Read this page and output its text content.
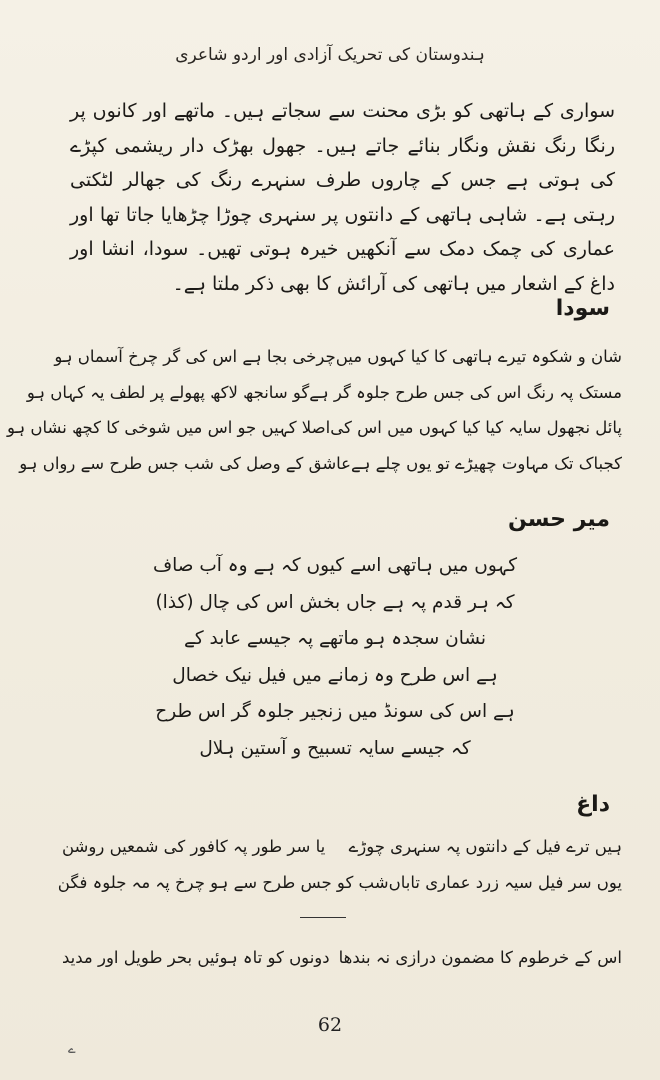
ہندوستان کی تحریک آزادی اور اردو شاعری

سواری کے ہاتھی کو بڑی محنت سے سجاتے ہیں۔ ماتھے اور کانوں پر رنگا رنگ نقش ونگار بنائے جاتے ہیں۔ جھول بھڑک دار ریشمی کپڑے کی ہوتی ہے جس کے چاروں طرف سنہرے رنگ کی جھالر لٹکتی رہتی ہے۔ شاہی ہاتھی کے دانتوں پر سنہری چوڑا چڑھایا جاتا تھا اور عماری کی چمک دمک سے آنکھیں خیرہ ہوتی تھیں۔ سودا، انشا اور داغ کے اشعار میں ہاتھی کی آرائش کا بھی ذکر ملتا ہے۔

سودا
شان و شکوہ تیرے ہاتھی کا کیا کہوں میں
چرخی بجا ہے اس کی گر چرخ آسماں ہو
مستک پہ رنگ اس کی جس طرح جلوہ گر ہے
گو سانجھ لاکھ پھولے پر لطف یہ کہاں ہو
پائل نجھول سایہ کیا کیا کہوں میں اس کی
اصلا کہیں جو اس میں شوخی کا کچھ نشاں ہو
کجباک تک مہاوت چھیڑے تو یوں چلے ہے
عاشق کے وصل کی شب جس طرح سے رواں ہو
میر حسن
کہوں میں ہاتھی اسے کیوں کہ ہے وہ آب صاف
کہ ہر قدم پہ ہے جاں بخش اس کی چال (کذا)
نشان سجدہ ہو ماتھے پہ جیسے عابد کے
ہے اس طرح وہ زمانے میں فیل نیک خصال
ہے اس کی سونڈ میں زنجیر جلوہ گر اس طرح
کہ جیسے سایہ تسبیح و آستین ہلال
داغ
ہیں ترے فیل کے دانتوں پہ سنہری چوڑے
یا سر طور پہ کافور کی شمعیں روشن
یوں سر فیل سیہ زرد عماری تاباں
شب کو جس طرح سے ہو چرخ پہ مہ جلوہ فگن
اس کے خرطوم کا مضمون درازی نہ بندھا
دونوں کو تاہ ہوئیں بحر طویل اور مدید
62
ے
